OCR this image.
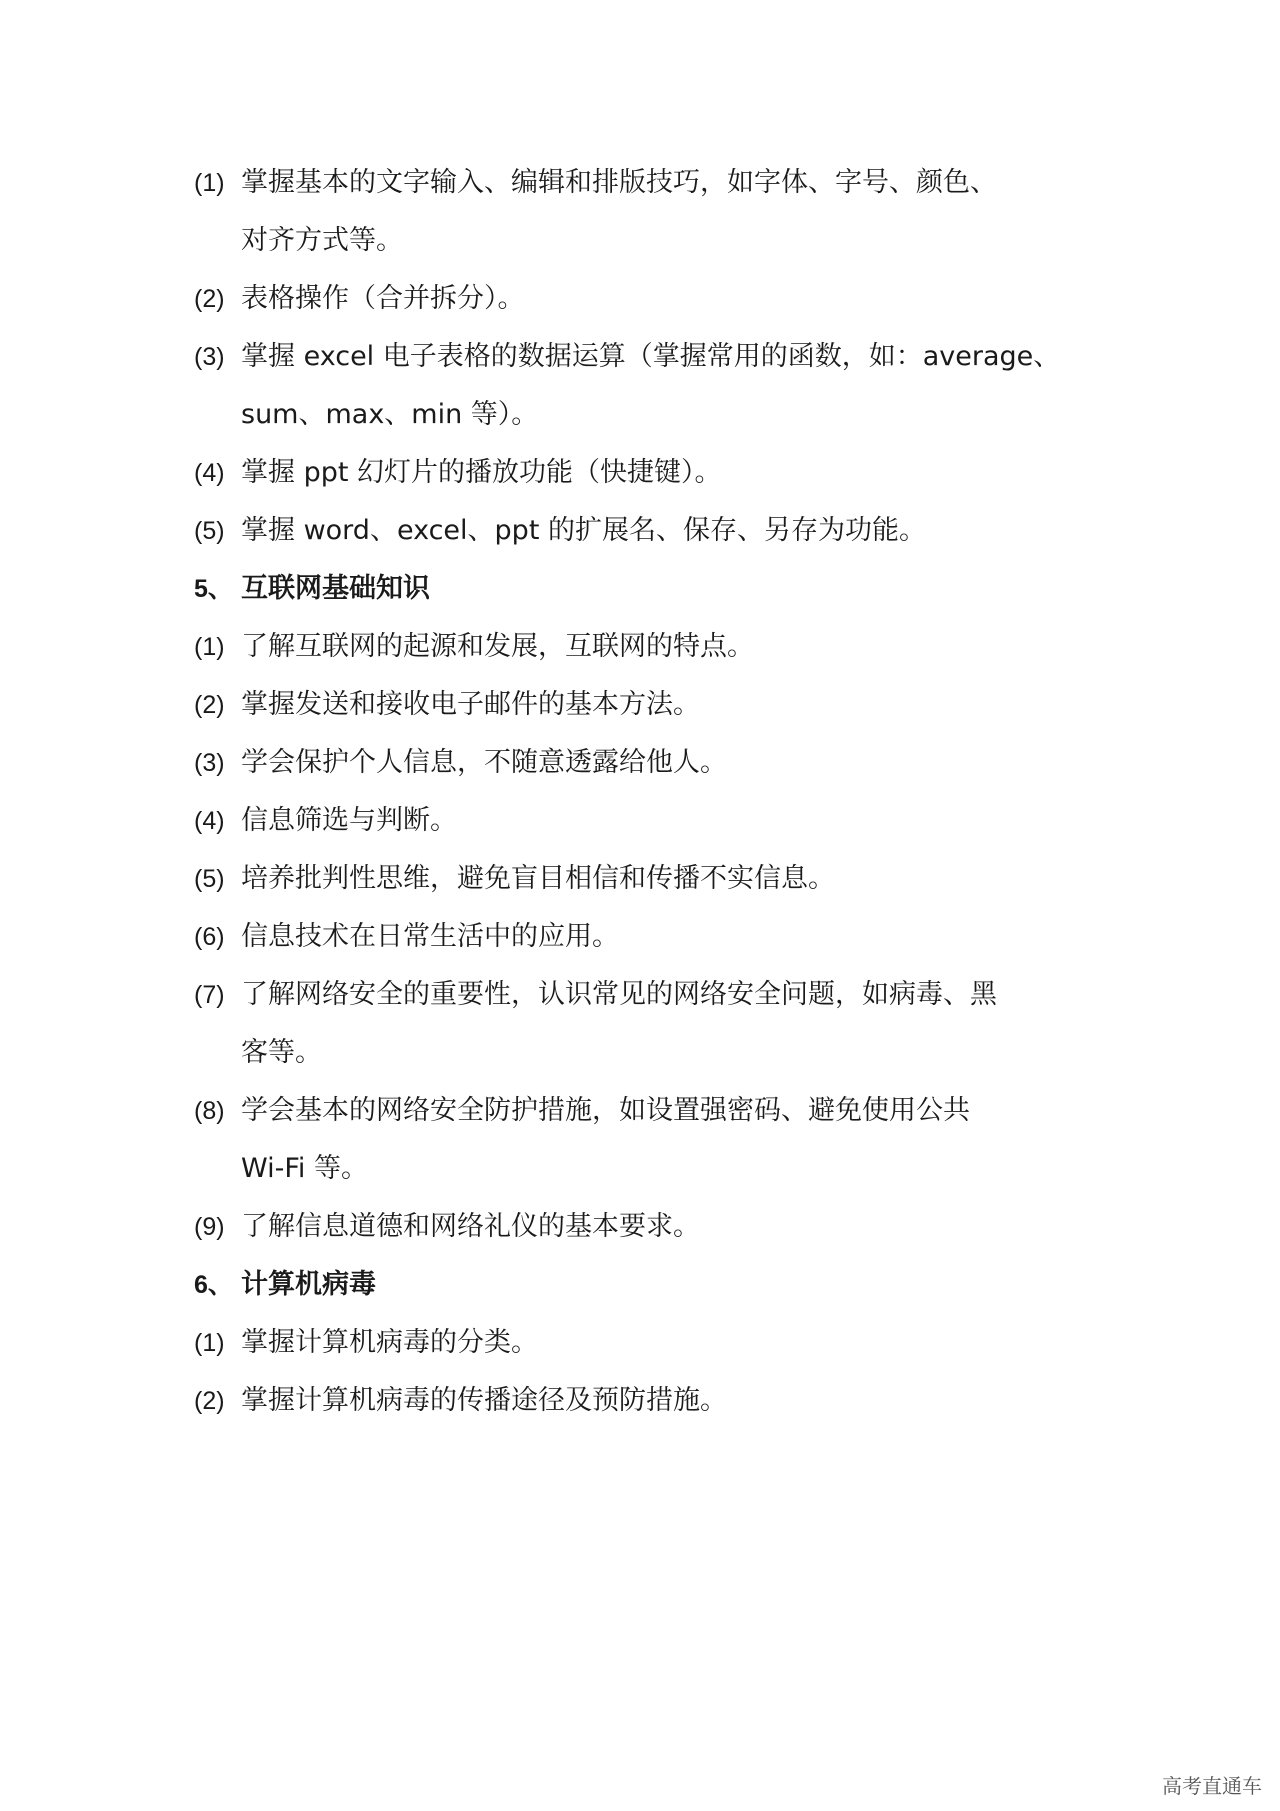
(1) 掌握基本的文字输入、编辑和排版技巧，如字体、字号、颜色、
对齐方式等。
(2) 表格操作（合并拆分）。
(3) 掌握 excel 电子表格的数据运算（掌握常用的函数，如：average、
sum、max、min 等）。
(4) 掌握 ppt 幻灯片的播放功能（快捷键）。
(5) 掌握 word、excel、ppt 的扩展名、保存、另存为功能。
5、 互联网基础知识
(1) 了解互联网的起源和发展，互联网的特点。
(2) 掌握发送和接收电子邮件的基本方法。
(3) 学会保护个人信息，不随意透露给他人。
(4) 信息筛选与判断。
(5) 培养批判性思维，避免盲目相信和传播不实信息。
(6) 信息技术在日常生活中的应用。
(7) 了解网络安全的重要性，认识常见的网络安全问题，如病毒、黑
客等。
(8) 学会基本的网络安全防护措施，如设置强密码、避免使用公共
Wi-Fi 等。
(9) 了解信息道德和网络礼仪的基本要求。
6、 计算机病毒
(1) 掌握计算机病毒的分类。
(2) 掌握计算机病毒的传播途径及预防措施。
高考直通车
